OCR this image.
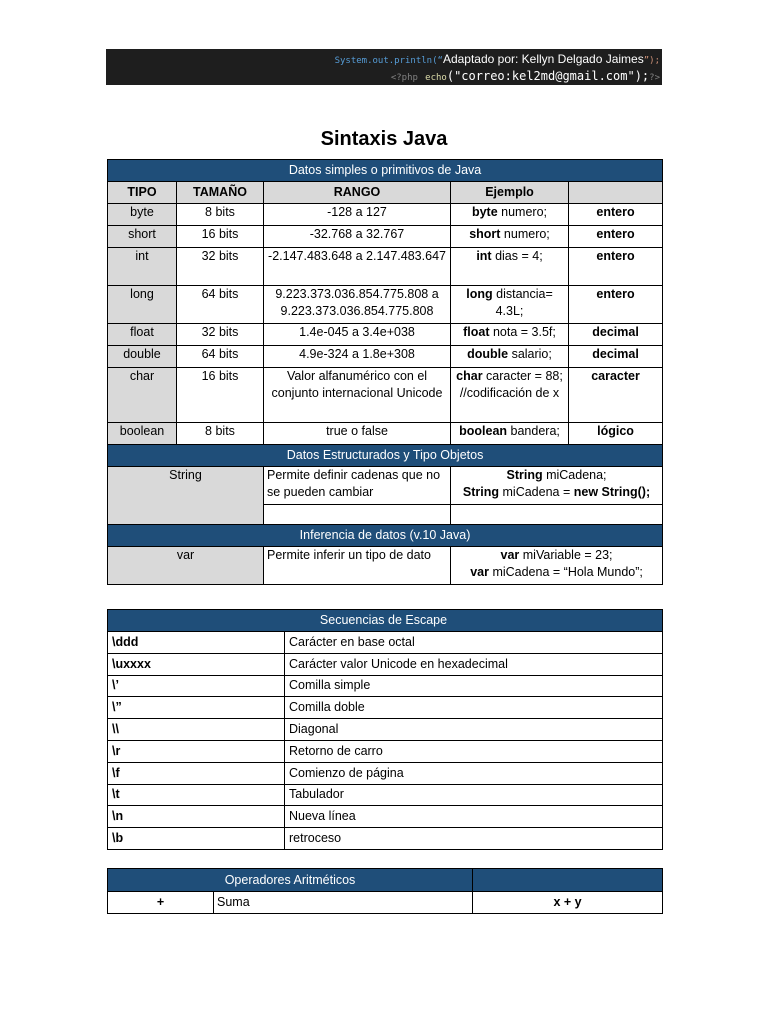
System.out.println(“Adaptado por: Kellyn Delgado Jaimes”);
<?php echo("correo:kel2md@gmail.com");?>
Sintaxis Java
Datos simples o primitivos de Java				
TIPO	TAMAÑO	RANGO	Ejemplo	
byte	8 bits	-128 a 127	byte numero;	entero
short	16 bits	-32.768 a 32.767	short numero;	entero
int	32 bits	-2.147.483.648 a 2.147.483.647	int dias = 4;	entero
long	64 bits	9.223.373.036.854.775.808 a 9.223.373.036.854.775.808	long distancia= 4.3L;	entero
float	32 bits	1.4e-045 a 3.4e+038	float nota = 3.5f;	decimal
double	64 bits	4.9e-324 a 1.8e+308	double salario;	decimal
char	16 bits	Valor alfanumérico con el conjunto internacional Unicode	char caracter = 88; //codificación de x	caracter
boolean	8 bits	true o false	boolean bandera;	lógico
Datos Estructurados y Tipo Objetos				
String		Permite definir cadenas que no se pueden cambiar	String miCadena;
String miCadena = new String();	

Inferencia de datos (v.10 Java)				
var		Permite inferir un tipo de dato	var miVariable = 23;
var miCadena = “Hola Mundo”;	
Secuencias de Escape	
\ddd	Carácter en base octal
\uxxxx	Carácter valor Unicode en hexadecimal
\’	Comilla simple
\”	Comilla doble
\\	Diagonal
\r	Retorno de carro
\f	Comienzo de página
\t	Tabulador
\n	Nueva línea
\b	retroceso
Operadores Aritméticos		
+	Suma	x + y
